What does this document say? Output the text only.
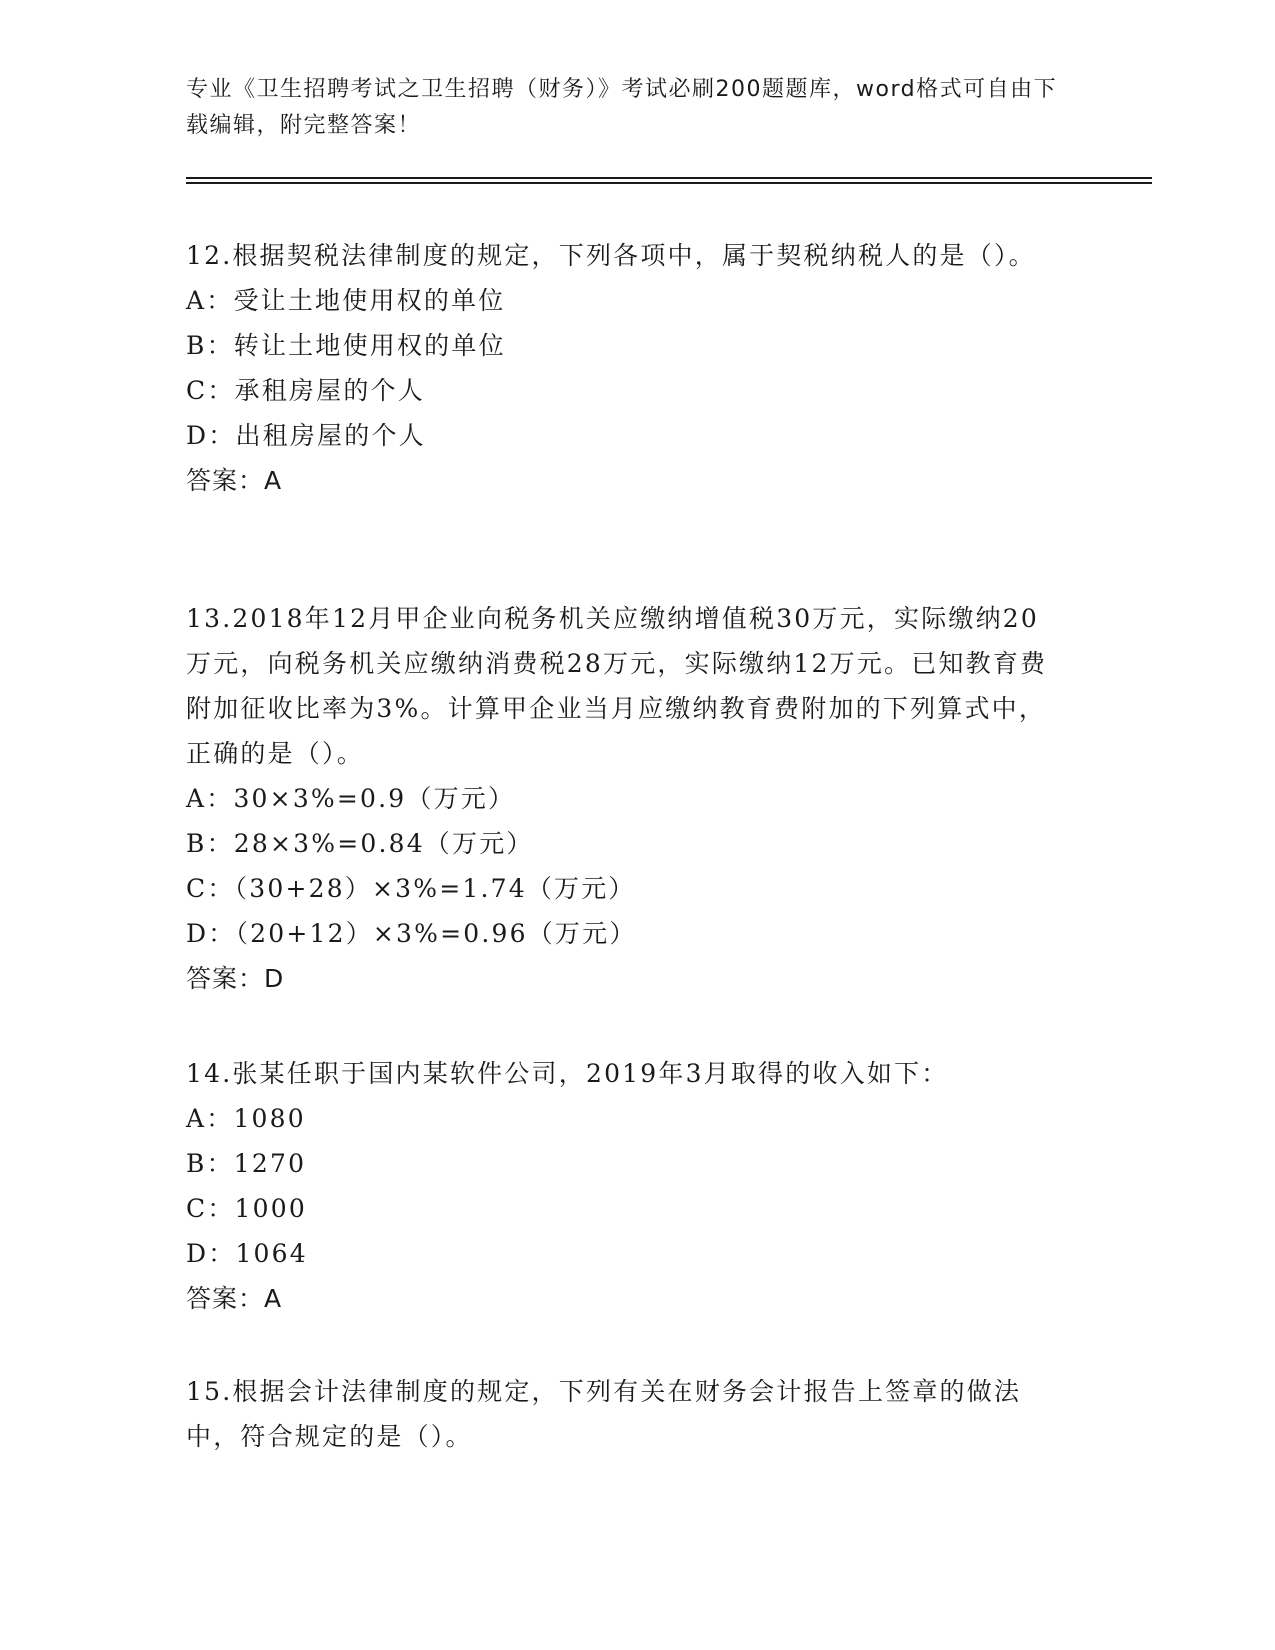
专业《卫生招聘考试之卫生招聘（财务）》考试必刷200题题库，word格式可自由下载编辑，附完整答案！

12.根据契税法律制度的规定，下列各项中，属于契税纳税人的是（）。

A：受让土地使用权的单位
B：转让土地使用权的单位
C：承租房屋的个人
D：出租房屋的个人
答案：A

13.2018年12月甲企业向税务机关应缴纳增值税30万元，实际缴纳20万元，向税务机关应缴纳消费税28万元，实际缴纳12万元。已知教育费附加征收比率为3%。计算甲企业当月应缴纳教育费附加的下列算式中，正确的是（）。

A：30×3%=0.9（万元）
B：28×3%=0.84（万元）
C：（30+28）×3%=1.74（万元）
D：（20+12）×3%=0.96（万元）
答案：D

14.张某任职于国内某软件公司，2019年3月取得的收入如下：

A：1080
B：1270
C：1000
D：1064
答案：A

15.根据会计法律制度的规定，下列有关在财务会计报告上签章的做法中，符合规定的是（）。
